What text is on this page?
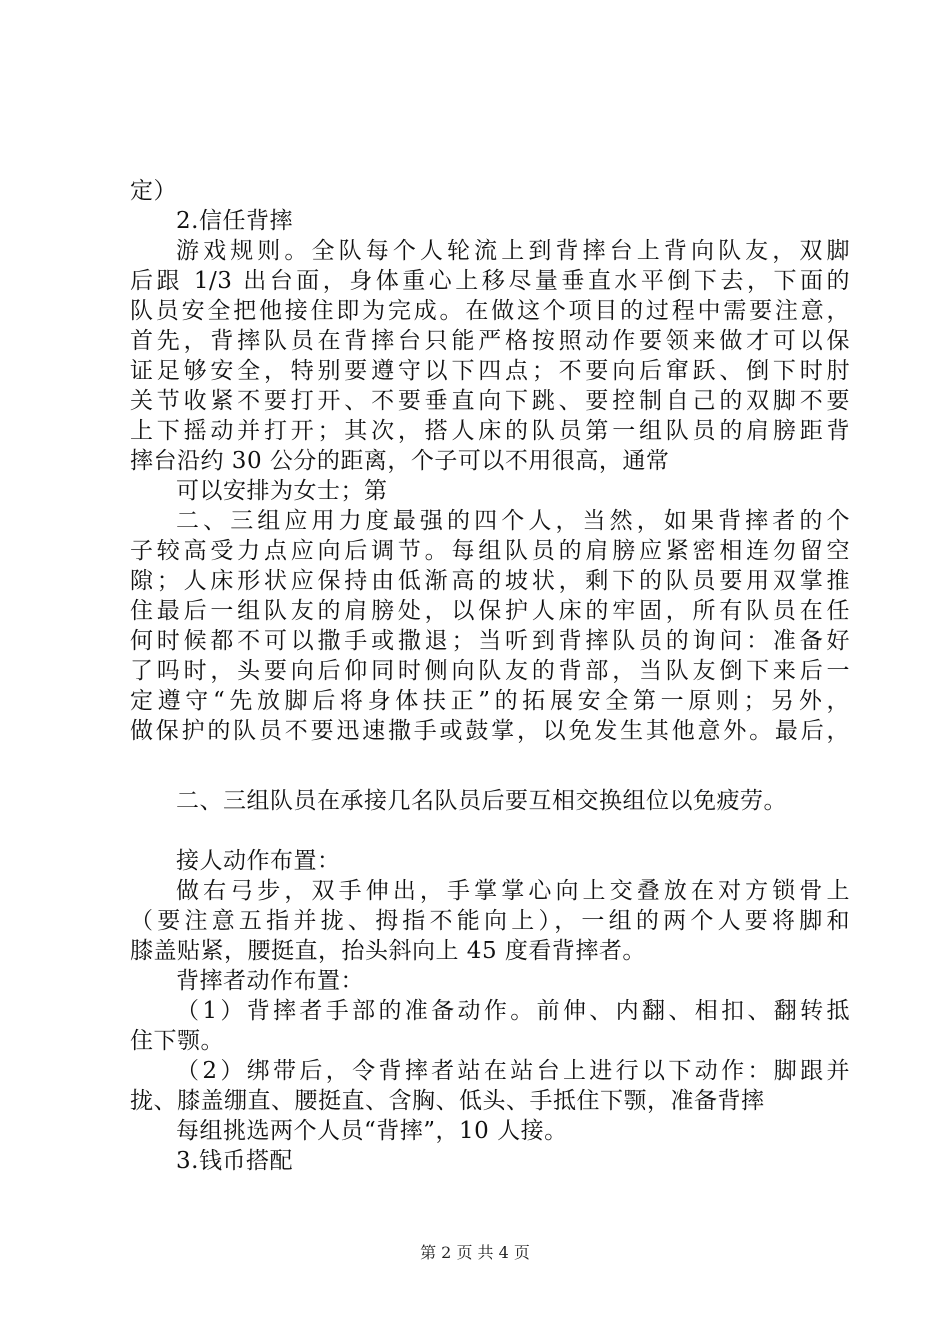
定）
2.信任背摔
游戏规则。全队每个人轮流上到背摔台上背向队友，双脚
后跟 1/3 出台面，身体重心上移尽量垂直水平倒下去，下面的
队员安全把他接住即为完成。在做这个项目的过程中需要注意，
首先，背摔队员在背摔台只能严格按照动作要领来做才可以保
证足够安全，特别要遵守以下四点；不要向后窜跃、倒下时肘
关节收紧不要打开、不要垂直向下跳、要控制自己的双脚不要
上下摇动并打开；其次，搭人床的队员第一组队员的肩膀距背
摔台沿约 30 公分的距离，个子可以不用很高，通常
可以安排为女士；第
二、三组应用力度最强的四个人，当然，如果背摔者的个
子较高受力点应向后调节。每组队员的肩膀应紧密相连勿留空
隙；人床形状应保持由低渐高的坡状，剩下的队员要用双掌推
住最后一组队友的肩膀处，以保护人床的牢固，所有队员在任
何时候都不可以撒手或撒退；当听到背摔队员的询问：准备好
了吗时，头要向后仰同时侧向队友的背部，当队友倒下来后一
定遵守“先放脚后将身体扶正”的拓展安全第一原则；另外，
做保护的队员不要迅速撒手或鼓掌，以免发生其他意外。最后，
二、三组队员在承接几名队员后要互相交换组位以免疲劳。
接人动作布置：
做右弓步，双手伸出，手掌掌心向上交叠放在对方锁骨上
（要注意五指并拢、拇指不能向上），一组的两个人要将脚和
膝盖贴紧，腰挺直，抬头斜向上 45 度看背摔者。
背摔者动作布置：
（1）背摔者手部的准备动作。前伸、内翻、相扣、翻转抵
住下颚。
（2）绑带后，令背摔者站在站台上进行以下动作：脚跟并
拢、膝盖绷直、腰挺直、含胸、低头、手抵住下颚，准备背摔
每组挑选两个人员“背摔”，10 人接。
3.钱币搭配
第 2 页 共 4 页
